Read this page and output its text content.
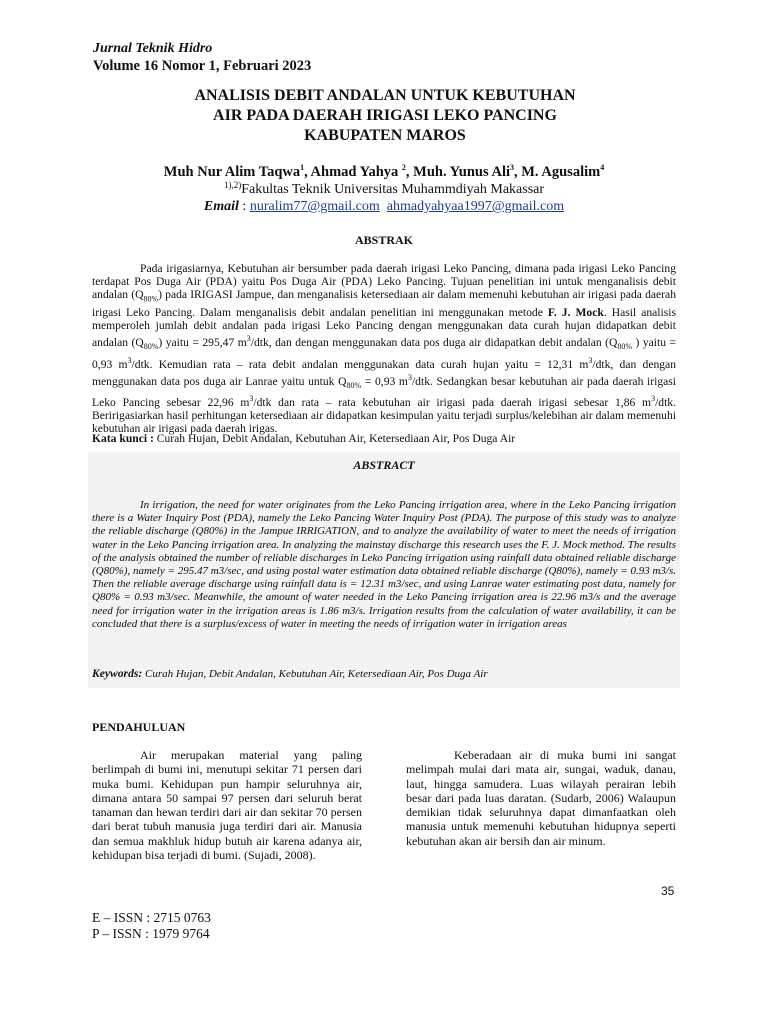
Jurnal Teknik Hidro
Volume 16 Nomor 1, Februari 2023
ANALISIS DEBIT ANDALAN UNTUK KEBUTUHAN
AIR PADA DAERAH IRIGASI LEKO PANCING
KABUPATEN MAROS
Muh Nur Alim Taqwa$^1$, Ahmad Yahya $^2$, Muh. Yunus Ali$^3$, M. Agusalim$^4$
$^{1),2)}$Fakultas Teknik Universitas Muhammdiyah Makassar
Email : nuralim77@gmail.com ahmadyahyaa1997@gmail.com
ABSTRAK

Pada irigasiarnya, Kebutuhan air bersumber pada daerah irigasi Leko Pancing, dimana pada irigasi Leko Pancing terdapat Pos Duga Air (PDA) yaitu Pos Duga Air (PDA) Leko Pancing. Tujuan penelitian ini untuk menganalisis debit andalan $(Q_{80\%})$ pada IRIGASI Jampue, dan menganalisis ketersediaan air dalam memenuhi kebutuhan air irigasi pada daerah irigasi Leko Pancing. Dalam menganalisis debit andalan penelitian ini menggunakan metode F. J. Mock. Hasil analisis memperoleh jumlah debit andalan pada irigasi Leko Pancing dengan menggunakan data curah hujan didapatkan debit andalan $(Q_{80\%})$ yaitu = 295,47 $m^3$/dtk, dan dengan menggunakan data pos duga air didapatkan debit andalan ($Q_{80\%}$ ) yaitu = 0,93 $m^3$/dtk. Kemudian rata – rata debit andalan menggunakan data curah hujan yaitu = 12,31 $m^3$/dtk, dan dengan menggunakan data pos duga air Lanrae yaitu untuk $Q_{80\%} = 0,93$ $m^3$/dtk. Sedangkan besar kebutuhan air pada daerah irigasi Leko Pancing sebesar 22,96 $m^3$/dtk dan rata – rata kebutuhan air irigasi pada daerah irigasi sebesar 1,86 $m^3$/dtk. Beririgasiarkan hasil perhitungan ketersediaan air didapatkan kesimpulan yaitu terjadi surplus/kelebihan air dalam memenuhi kebutuhan air irigasi pada daerah irigas.

Kata kunci : Curah Hujan, Debit Andalan, Kebutuhan Air, Ketersediaan Air, Pos Duga Air
ABSTRACT

In irrigation, the need for water originates from the Leko Pancing irrigation area, where in the Leko Pancing irrigation there is a Water Inquiry Post (PDA), namely the Leko Pancing Water Inquiry Post (PDA). The purpose of this study was to analyze the reliable discharge (Q80%) in the Jampue IRRIGATION, and to analyze the availability of water to meet the needs of irrigation water in the Leko Pancing irrigation area. In analyzing the mainstay discharge this research uses the F. J. Mock method. The results of the analysis obtained the number of reliable discharges in Leko Pancing irrigation using rainfall data obtained reliable discharge (Q80%), namely = 295.47 m3/sec, and using postal water estimation data obtained reliable discharge (Q80%), namely = 0.93 m3/s. Then the reliable average discharge using rainfall data is = 12.31 m3/sec, and using Lanrae water estimating post data, namely for Q80% = 0.93 m3/sec. Meanwhile, the amount of water needed in the Leko Pancing irrigation area is 22.96 m3/s and the average need for irrigation water in the irrigation areas is 1.86 m3/s. Irrigation results from the calculation of water availability, it can be concluded that there is a surplus/excess of water in meeting the needs of irrigation water in irrigation areas

Keywords: Curah Hujan, Debit Andalan, Kebutuhan Air, Ketersediaan Air, Pos Duga Air
PENDAHULUAN

Air merupakan material yang paling berlimpah di bumi ini, menutupi sekitar 71 persen dari muka bumi. Kehidupan pun hampir seluruhnya air, dimana antara 50 sampai 97 persen dari seluruh berat tanaman dan hewan terdiri dari air dan sekitar 70 persen dari berat tubuh manusia juga terdiri dari air. Manusia dan semua makhluk hidup butuh air karena adanya air, kehidupan bisa terjadi di bumi. (Sujadi, 2008).

Keberadaan air di muka bumi ini sangat melimpah mulai dari mata air, sungai, waduk, danau, laut, hingga samudera. Luas wilayah perairan lebih besar dari pada luas daratan. (Sudarb, 2006) Walaupun demikian tidak seluruhnya dapat dimanfaatkan oleh manusia untuk memenuhi kebutuhan hidupnya seperti kebutuhan akan air bersih dan air minum.

35
E – ISSN : 2715 0763
P – ISSN : 1979 9764
